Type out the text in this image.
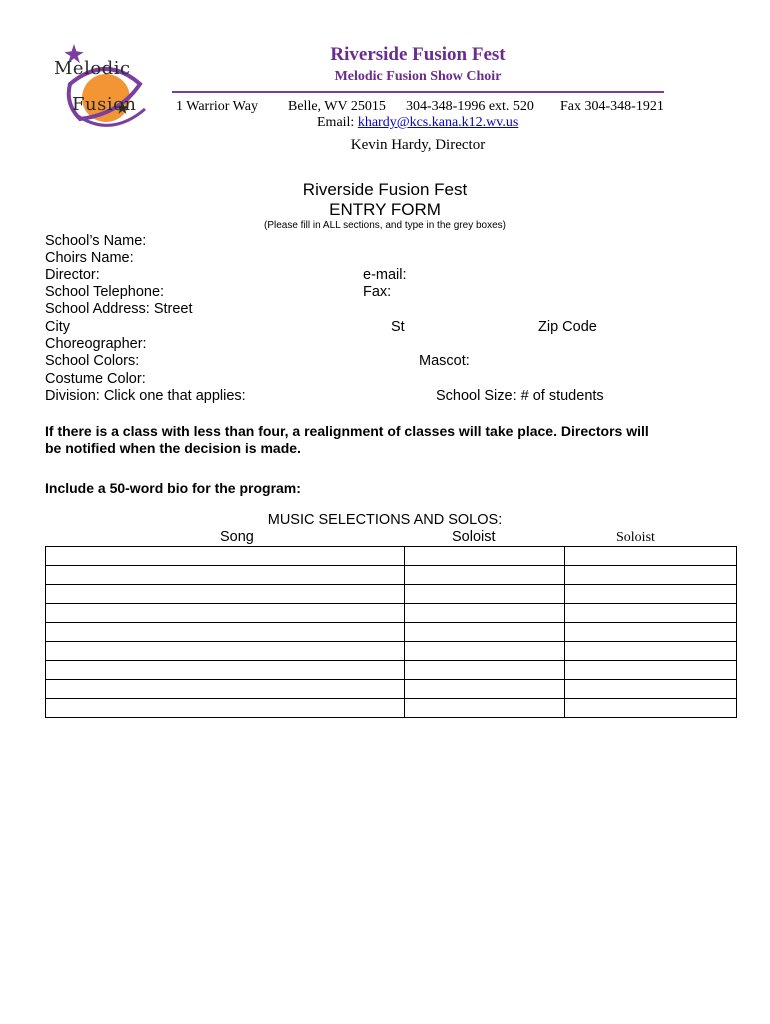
Melodic
Fusion
Riverside Fusion Fest
Melodic Fusion Show Choir
1 Warrior Way Belle, WV 25015 304-348-1996 ext. 520 Fax 304-348-1921
Email: khardy@kcs.kana.k12.wv.us
Kevin Hardy, Director
Riverside Fusion Fest
ENTRY FORM
(Please fill in ALL sections, and type in the grey boxes)
School’s Name:
Choirs Name:
Director:	e-mail:
School Telephone:	Fax:
School Address: Street
City	St	Zip Code
Choreographer:
School Colors:	Mascot:
Costume Color:
Division: Click one that applies:	School Size: # of students
If there is a class with less than four, a realignment of classes will take place. Directors will
be notified when the decision is made.
Include a 50-word bio for the program:
MUSIC SELECTIONS AND SOLOS:
Song	Soloist	Soloist
